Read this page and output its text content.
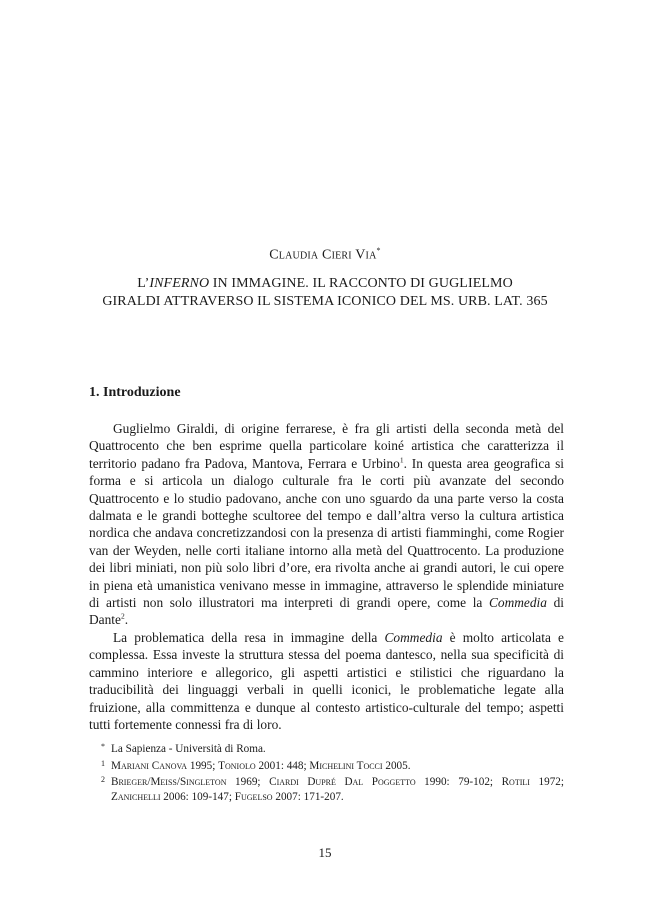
Claudia Cieri Via*
L’INFERNO IN IMMAGINE. IL RACCONTO DI GUGLIELMO
GIRALDI ATTRAVERSO IL SISTEMA ICONICO DEL MS. URB. LAT. 365
1. Introduzione

Guglielmo Giraldi, di origine ferrarese, è fra gli artisti della seconda metà del Quattrocento che ben esprime quella particolare koiné artistica che caratterizza il territorio padano fra Padova, Mantova, Ferrara e Urbino$^1$. In questa area geografica si forma e si articola un dialogo culturale fra le corti più avanzate del secondo Quattrocento e lo studio padovano, anche con uno sguardo da una parte verso la costa dalmata e le grandi botteghe scultoree del tempo e dall’altra verso la cultura artistica nordica che andava concretizzandosi con la presenza di artisti fiamminghi, come Rogier van der Weyden, nelle corti italiane intorno alla metà del Quattrocento. La produzione dei libri miniati, non più solo libri d’ore, era rivolta anche ai grandi autori, le cui opere in piena età umanistica venivano messe in immagine, attraverso le splendide miniature di artisti non solo illustratori ma interpreti di grandi opere, come la Commedia di Dante$^2$.

La problematica della resa in immagine della Commedia è molto articolata e complessa. Essa investe la struttura stessa del poema dantesco, nella sua specificità di cammino interiore e allegorico, gli aspetti artistici e stilistici che riguardano la traducibilità dei linguaggi verbali in quelli iconici, le problematiche legate alla fruizione, alla committenza e dunque al contesto artistico-culturale del tempo; aspetti tutti fortemente connessi fra di loro.

* La Sapienza - Università di Roma.

1 Mariani Canova 1995; Toniolo 2001: 448; Michelini Tocci 2005.

2 Brieger/Meiss/Singleton 1969; Ciardi Dupré Dal Poggetto 1990: 79-102; Rotili 1972; Zanichelli 2006: 109-147; Fugelso 2007: 171-207.

15
